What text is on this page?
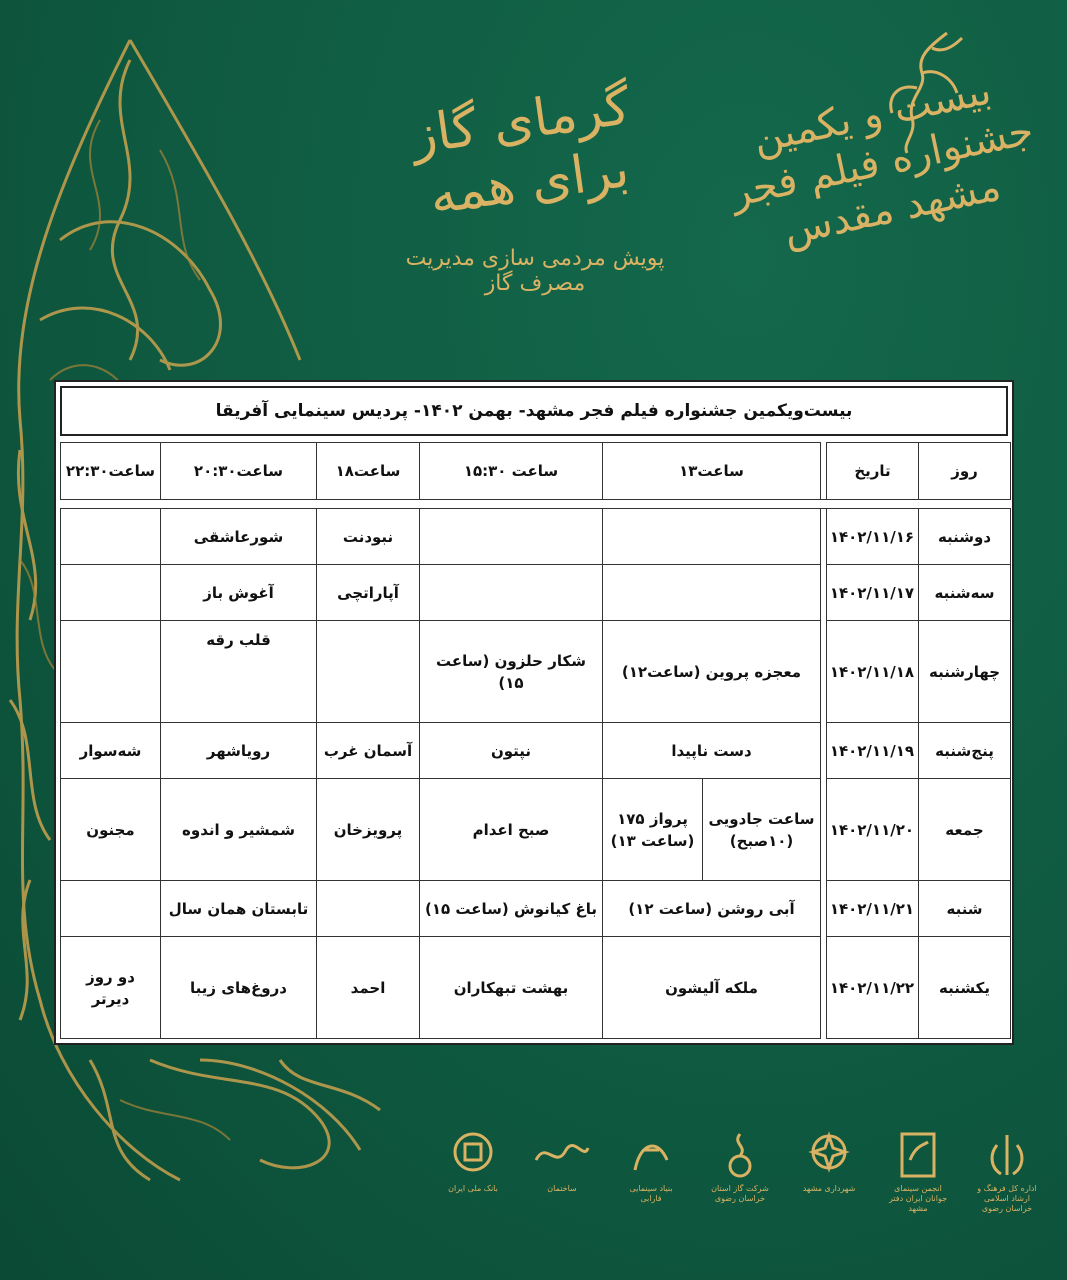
بیست و یکمین جشنواره فیلم فجر مشهد مقدس
گرمای گاز برای همه
پویش مردمی سازی مدیریت مصرف گاز
بیست‌ویکمین جشنواره فیلم فجر مشهد- بهمن ۱۴۰۲- پردیس سینمایی آفریقا
روز	تاریخ		ساعت۱۳		ساعت ۱۵:۳۰	ساعت۱۸	ساعت۲۰:۳۰	ساعت۲۲:۳۰

دوشنبه	۱۴۰۲/۱۱/۱۶					نبودنت	شورعاشقی	
سه‌شنبه	۱۴۰۲/۱۱/۱۷					آپاراتچی	آغوش باز	
چهارشنبه	۱۴۰۲/۱۱/۱۸		معجزه پروین (ساعت۱۲)		شکار حلزون (ساعت ۱۵)		قلب رقه	
پنج‌شنبه	۱۴۰۲/۱۱/۱۹		دست ناپیدا		نپتون	آسمان غرب	رویاشهر	شه‌سوار
جمعه	۱۴۰۲/۱۱/۲۰		ساعت جادویی (۱۰صبح)	پرواز ۱۷۵ (ساعت ۱۳)	صبح اعدام	پرویزخان	شمشیر و اندوه	مجنون
شنبه	۱۴۰۲/۱۱/۲۱		آبی روشن (ساعت ۱۲)		باغ کیانوش (ساعت ۱۵)		تابستان همان سال	
یکشنبه	۱۴۰۲/۱۱/۲۲		ملکه آلیشون		بهشت تبهکاران	احمد	دروغ‌های زیبا	دو روز دیرتر
اداره کل فرهنگ و ارشاد اسلامی خراسان رضوی
انجمن سینمای جوانان ایران دفتر مشهد
شهرداری مشهد
شرکت گاز استان خراسان رضوی
بنیاد سینمایی فارابی
ساختمان
بانک ملی ایران
